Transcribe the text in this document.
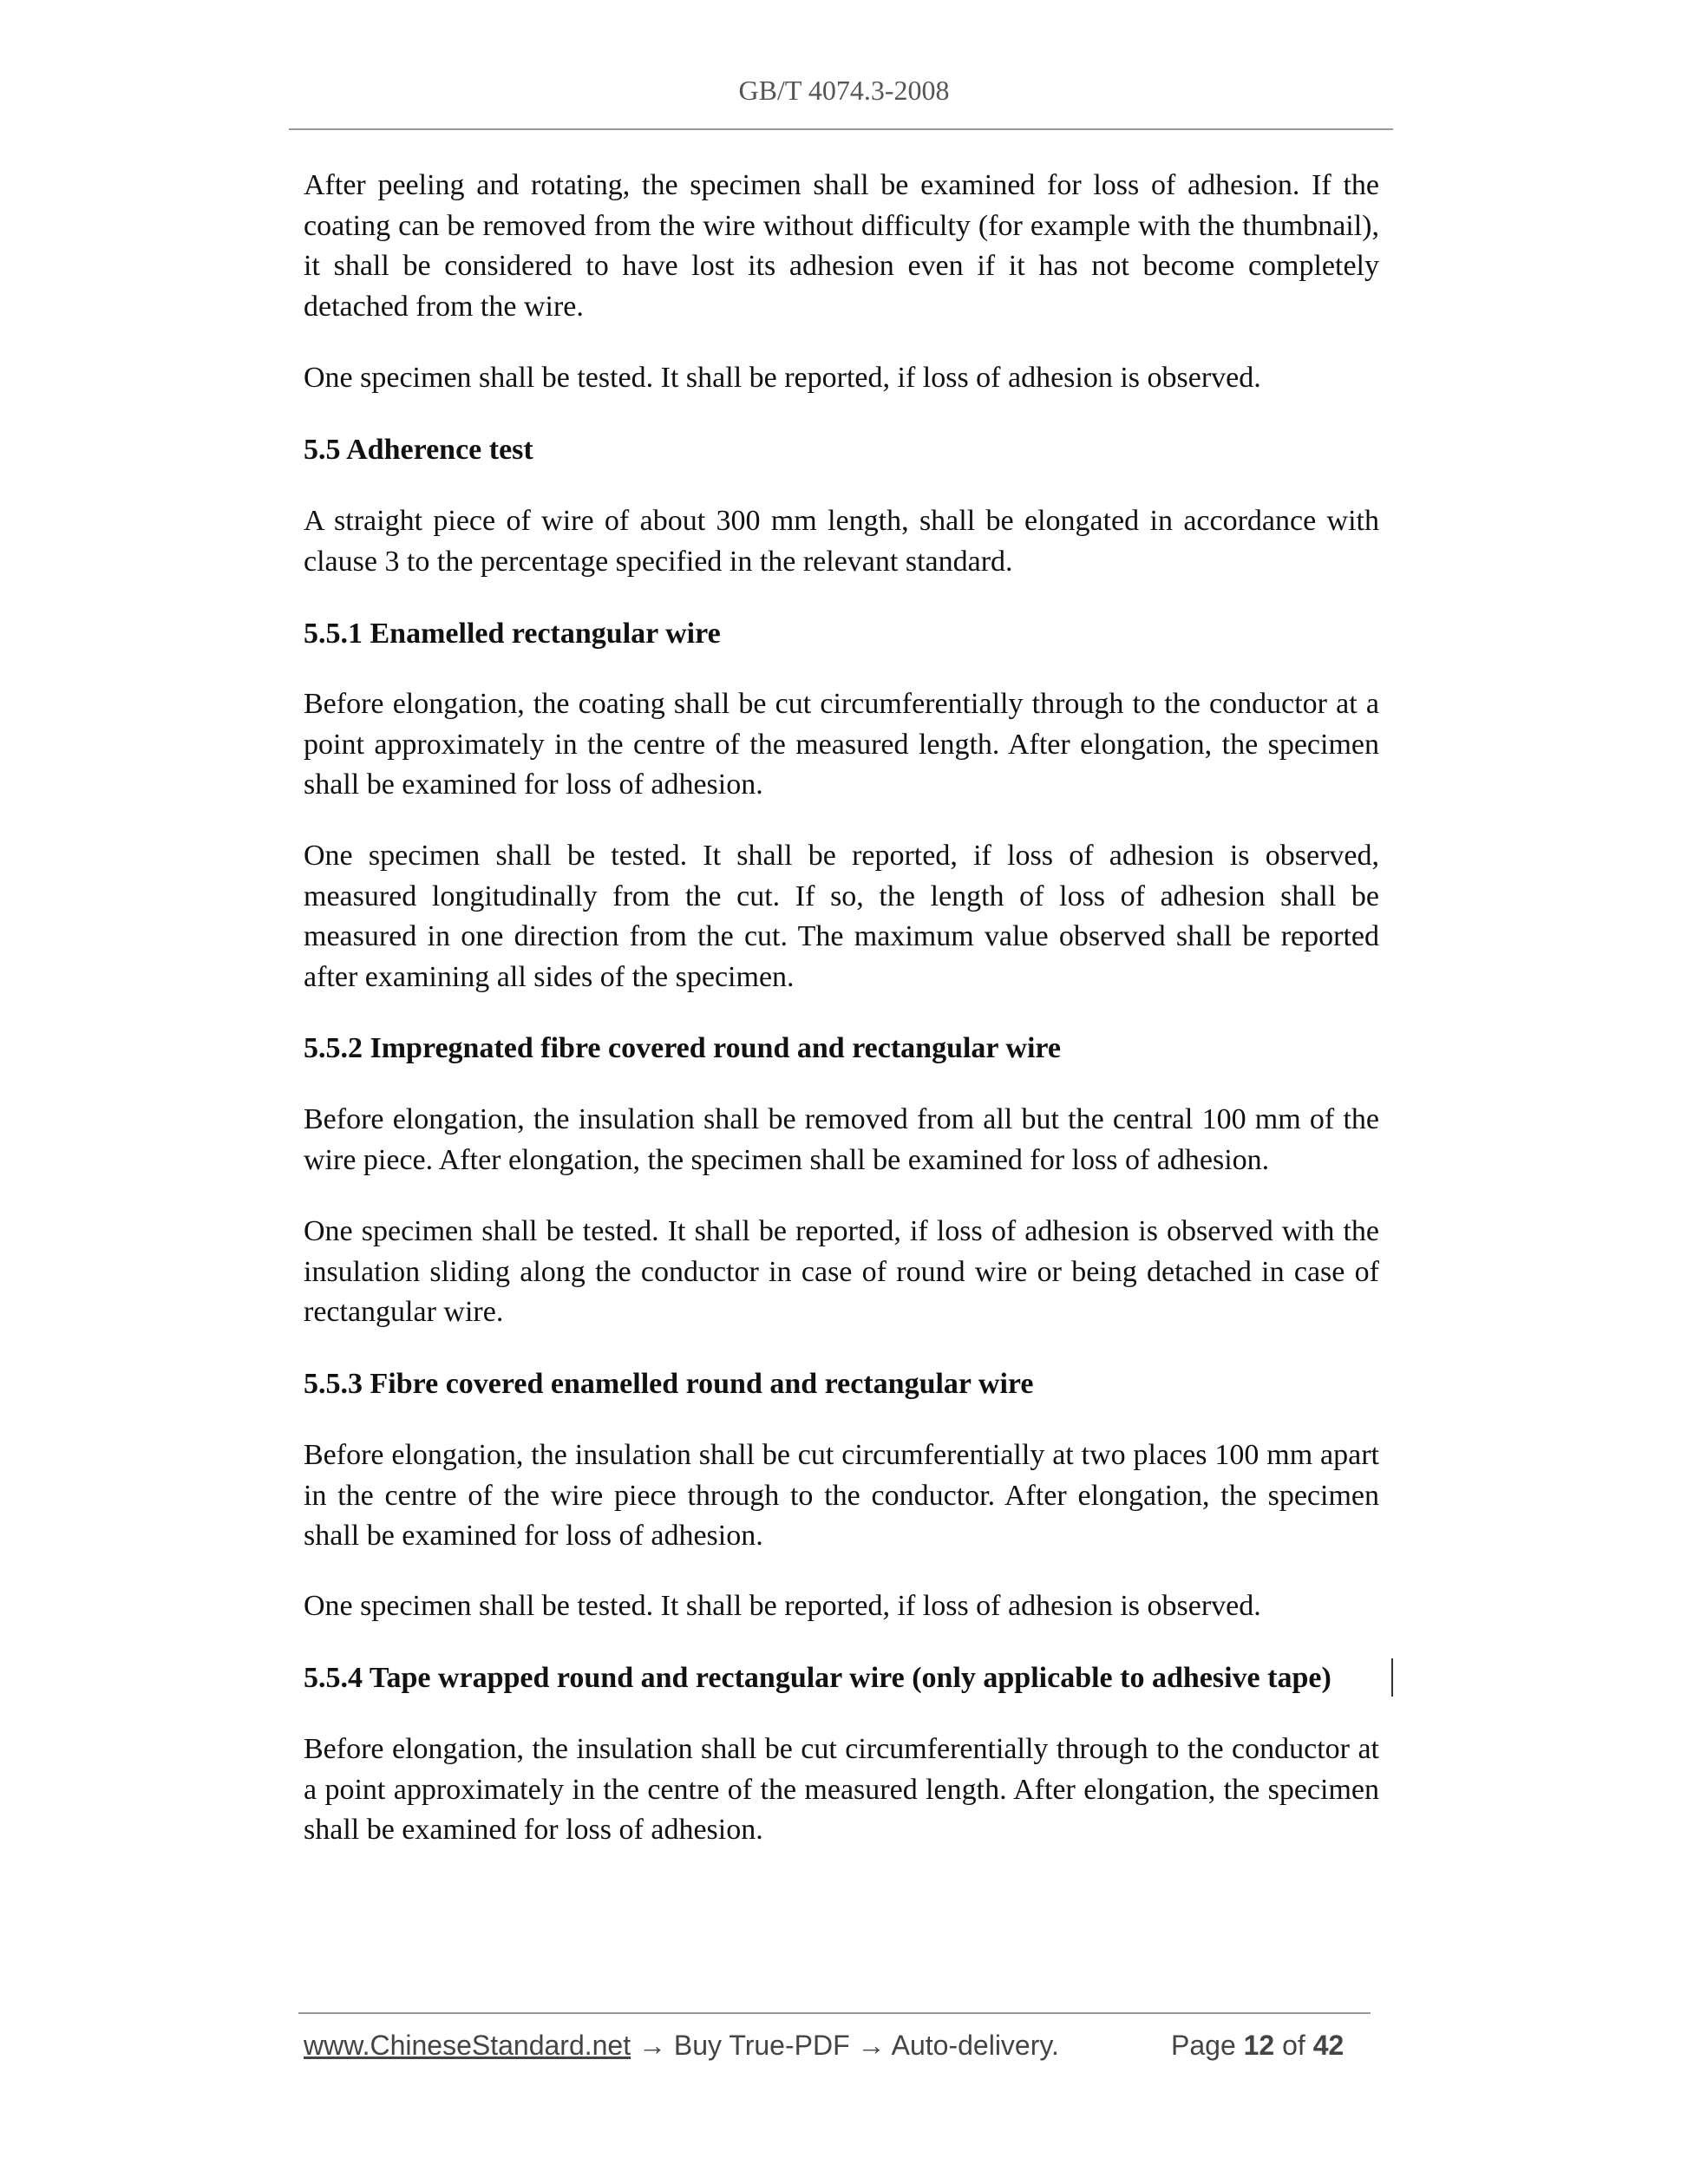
GB/T 4074.3-2008

After peeling and rotating, the specimen shall be examined for loss of adhesion. If the coating can be removed from the wire without difficulty (for example with the thumbnail), it shall be considered to have lost its adhesion even if it has not become completely detached from the wire.

One specimen shall be tested. It shall be reported, if loss of adhesion is observed.

5.5 Adherence test

A straight piece of wire of about 300 mm length, shall be elongated in accordance with clause 3 to the percentage specified in the relevant standard.

5.5.1 Enamelled rectangular wire

Before elongation, the coating shall be cut circumferentially through to the conductor at a point approximately in the centre of the measured length. After elongation, the specimen shall be examined for loss of adhesion.

One specimen shall be tested. It shall be reported, if loss of adhesion is observed, measured longitudinally from the cut. If so, the length of loss of adhesion shall be measured in one direction from the cut. The maximum value observed shall be reported after examining all sides of the specimen.

5.5.2 Impregnated fibre covered round and rectangular wire

Before elongation, the insulation shall be removed from all but the central 100 mm of the wire piece. After elongation, the specimen shall be examined for loss of adhesion.

One specimen shall be tested. It shall be reported, if loss of adhesion is observed with the insulation sliding along the conductor in case of round wire or being detached in case of rectangular wire.

5.5.3 Fibre covered enamelled round and rectangular wire

Before elongation, the insulation shall be cut circumferentially at two places 100 mm apart in the centre of the wire piece through to the conductor. After elongation, the specimen shall be examined for loss of adhesion.

One specimen shall be tested. It shall be reported, if loss of adhesion is observed.

5.5.4 Tape wrapped round and rectangular wire (only applicable to adhesive tape)

Before elongation, the insulation shall be cut circumferentially through to the conductor at a point approximately in the centre of the measured length. After elongation, the specimen shall be examined for loss of adhesion.

www.ChineseStandard.net → Buy True-PDF → Auto-delivery.	Page 12 of 42
